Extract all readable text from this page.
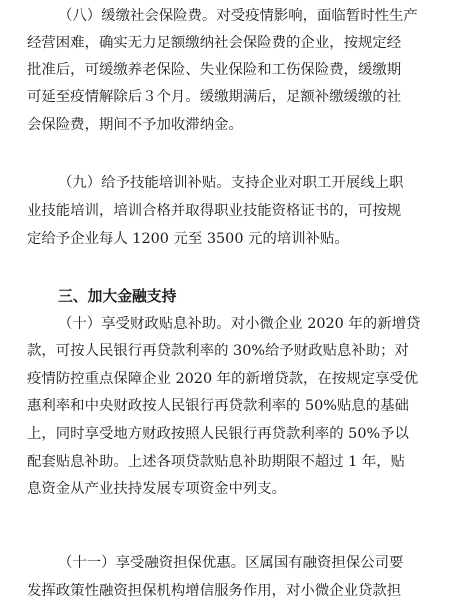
（八）缓缴社会保险费。对受疫情影响，面临暂时性生产
经营困难，确实无力足额缴纳社会保险费的企业，按规定经
批准后，可缓缴养老保险、失业保险和工伤保险费，缓缴期
可延至疫情解除后３个月。缓缴期满后，足额补缴缓缴的社
会保险费，期间不予加收滞纳金。
（九）给予技能培训补贴。支持企业对职工开展线上职
业技能培训，培训合格并取得职业技能资格证书的，可按规
定给予企业每人 1200 元至 3500 元的培训补贴。
三、加大金融支持
（十）享受财政贴息补助。对小微企业 2020 年的新增贷
款，可按人民银行再贷款利率的 30%给予财政贴息补助；对
疫情防控重点保障企业 2020 年的新增贷款，在按规定享受优
惠利率和中央财政按人民银行再贷款利率的 50%贴息的基础
上，同时享受地方财政按照人民银行再贷款利率的 50%予以
配套贴息补助。上述各项贷款贴息补助期限不超过 1 年，贴
息资金从产业扶持发展专项资金中列支。
（十一）享受融资担保优惠。区属国有融资担保公司要
发挥政策性融资担保机构增信服务作用，对小微企业贷款担
